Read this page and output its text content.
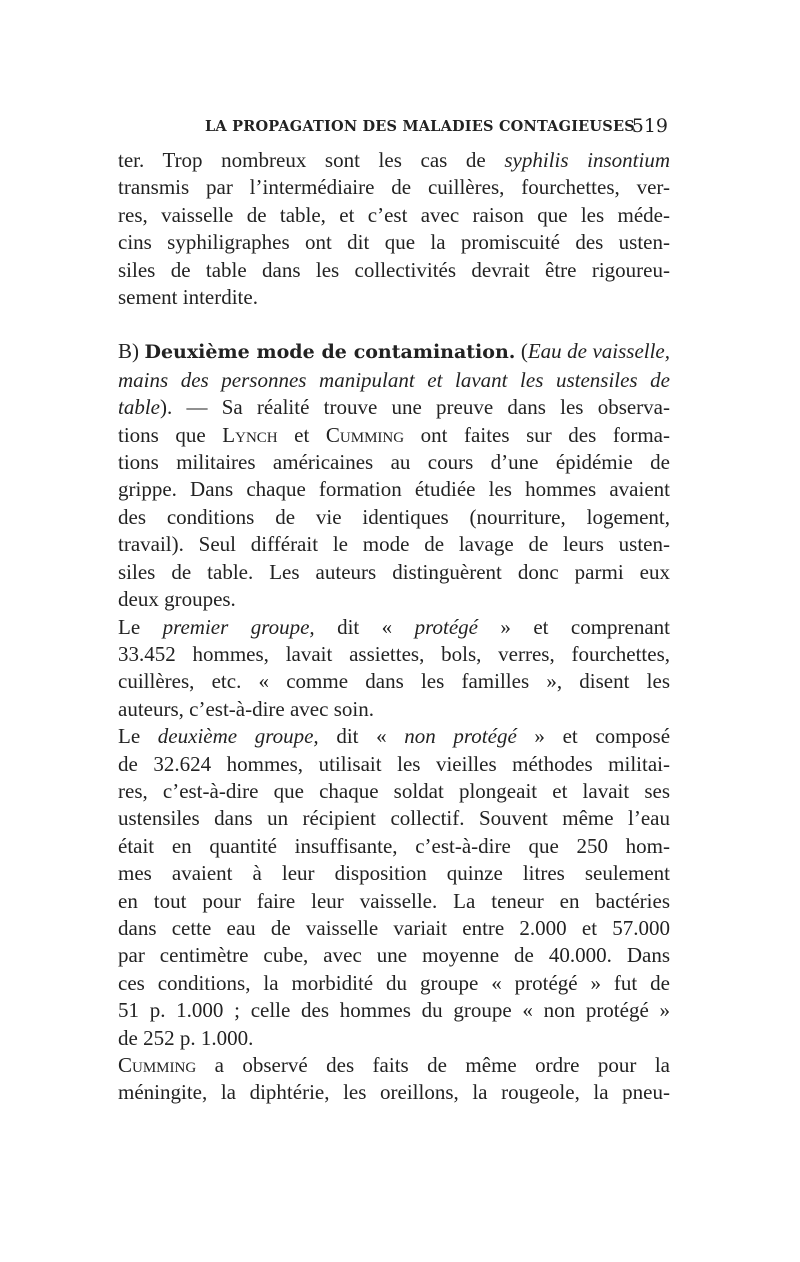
LA PROPAGATION DES MALADIES CONTAGIEUSES
519

ter. Trop nombreux sont les cas de syphilis insontium

transmis par l’intermédiaire de cuillères, fourchettes, ver-

res, vaisselle de table, et c’est avec raison que les méde-

cins syphiligraphes ont dit que la promiscuité des usten-

siles de table dans les collectivités devrait être rigoureu-

sement interdite.

B) Deuxième mode de contamination. (Eau de vaisselle,

mains des personnes manipulant et lavant les ustensiles de

table). — Sa réalité trouve une preuve dans les observa-

tions que Lynch et Cumming ont faites sur des forma-

tions militaires américaines au cours d’une épidémie de

grippe. Dans chaque formation étudiée les hommes avaient

des conditions de vie identiques (nourriture, logement,

travail). Seul différait le mode de lavage de leurs usten-

siles de table. Les auteurs distinguèrent donc parmi eux

deux groupes.

Le premier groupe, dit « protégé » et comprenant

33.452 hommes, lavait assiettes, bols, verres, fourchettes,

cuillères, etc. « comme dans les familles », disent les

auteurs, c’est-à-dire avec soin.

Le deuxième groupe, dit « non protégé » et composé

de 32.624 hommes, utilisait les vieilles méthodes militai-

res, c’est-à-dire que chaque soldat plongeait et lavait ses

ustensiles dans un récipient collectif. Souvent même l’eau

était en quantité insuffisante, c’est-à-dire que 250 hom-

mes avaient à leur disposition quinze litres seulement

en tout pour faire leur vaisselle. La teneur en bactéries

dans cette eau de vaisselle variait entre 2.000 et 57.000

par centimètre cube, avec une moyenne de 40.000. Dans

ces conditions, la morbidité du groupe « protégé » fut de

51 p. 1.000 ; celle des hommes du groupe « non protégé »

de 252 p. 1.000.

Cumming a observé des faits de même ordre pour la

méningite, la diphtérie, les oreillons, la rougeole, la pneu-
